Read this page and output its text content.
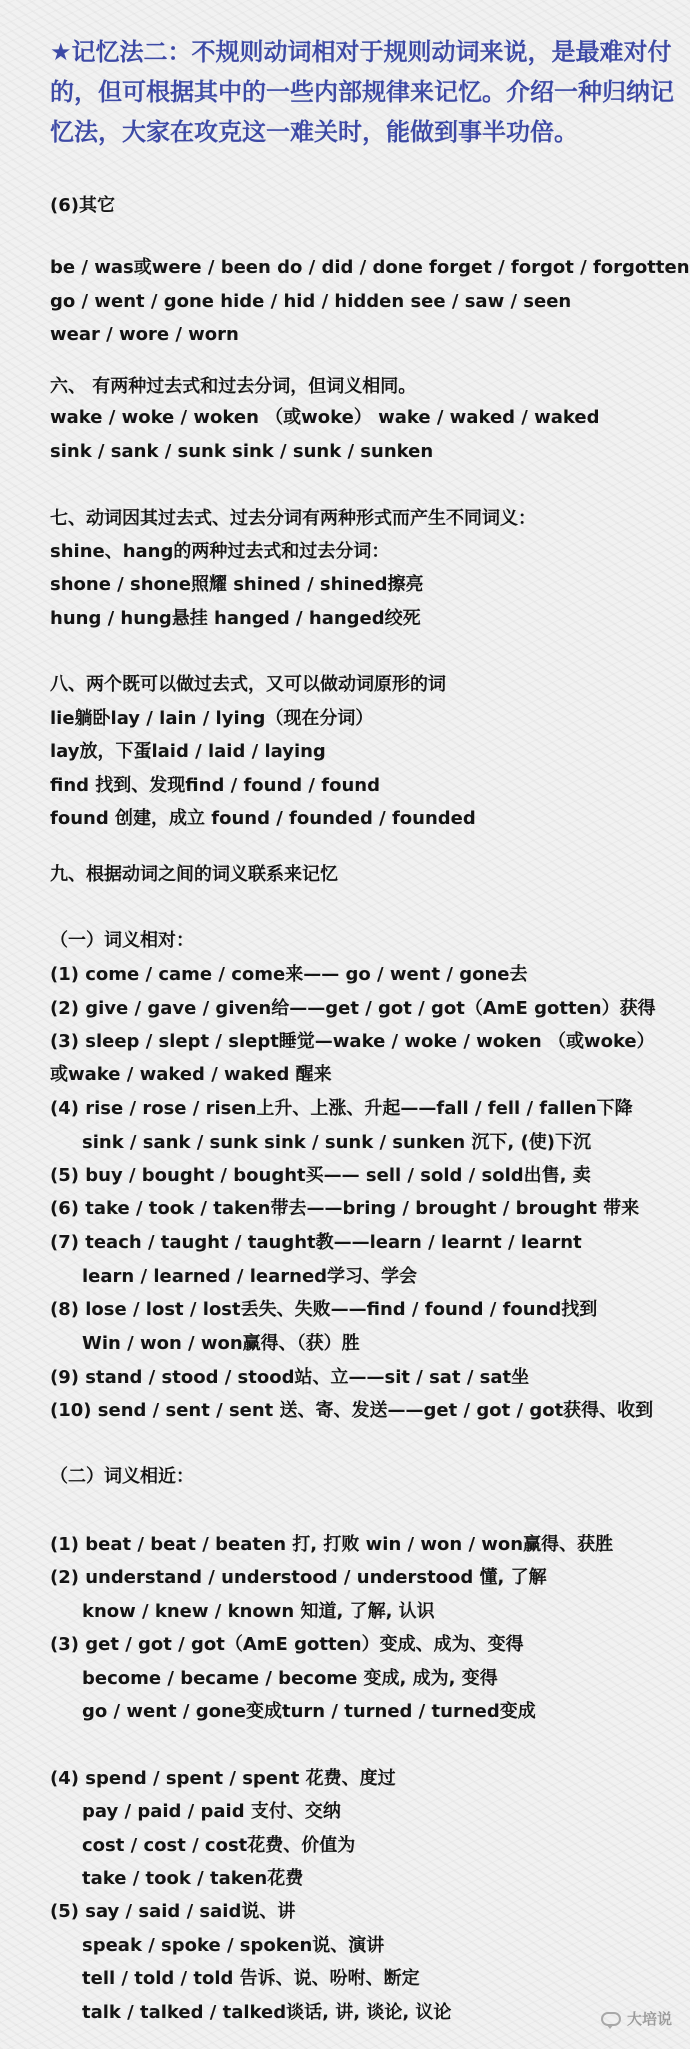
★记忆法二：不规则动词相对于规则动词来说，是最难对付的，但可根据其中的一些内部规律来记忆。介绍一种归纳记忆法，大家在攻克这一难关时，能做到事半功倍。
(6)其它
be / was或were / been do / did / done forget / forgot / forgotten
go / went / gone hide / hid / hidden see / saw / seen
wear / wore / worn
六、 有两种过去式和过去分词，但词义相同。
wake / woke / woken （或woke） wake / waked / waked
sink / sank / sunk sink / sunk / sunken
七、动词因其过去式、过去分词有两种形式而产生不同词义：
shine、hang的两种过去式和过去分词：
shone / shone照耀 shined / shined擦亮
hung / hung悬挂 hanged / hanged绞死
八、两个既可以做过去式，又可以做动词原形的词
lie躺卧lay / lain / lying（现在分词）
lay放，下蛋laid / laid / laying
find 找到、发现find / found / found
found 创建，成立 found / founded / founded
九、根据动词之间的词义联系来记忆
（一）词义相对：
(1) come / came / come来—— go / went / gone去
(2) give / gave / given给——get / got / got（AmE gotten）获得
(3) sleep / slept / slept睡觉—wake / woke / woken （或woke）
或wake / waked / waked 醒来
(4) rise / rose / risen上升、上涨、升起——fall / fell / fallen下降
sink / sank / sunk sink / sunk / sunken 沉下, (使)下沉
(5) buy / bought / bought买—— sell / sold / sold出售, 卖
(6) take / took / taken带去——bring / brought / brought 带来
(7) teach / taught / taught教——learn / learnt / learnt
learn / learned / learned学习、学会
(8) lose / lost / lost丢失、失败——find / found / found找到
Win / won / won赢得、（获）胜
(9) stand / stood / stood站、立——sit / sat / sat坐
(10) send / sent / sent 送、寄、发送——get / got / got获得、收到
（二）词义相近：
(1) beat / beat / beaten 打, 打败 win / won / won赢得、获胜
(2) understand / understood / understood 懂, 了解
know / knew / known 知道, 了解, 认识
(3) get / got / got（AmE gotten）变成、成为、变得
become / became / become 变成, 成为, 变得
go / went / gone变成turn / turned / turned变成
(4) spend / spent / spent 花费、度过
pay / paid / paid 支付、交纳
cost / cost / cost花费、价值为
take / took / taken花费
(5) say / said / said说、讲
speak / spoke / spoken说、演讲
tell / told / told 告诉、说、吩咐、断定
talk / talked / talked谈话, 讲, 谈论, 议论	大培说
